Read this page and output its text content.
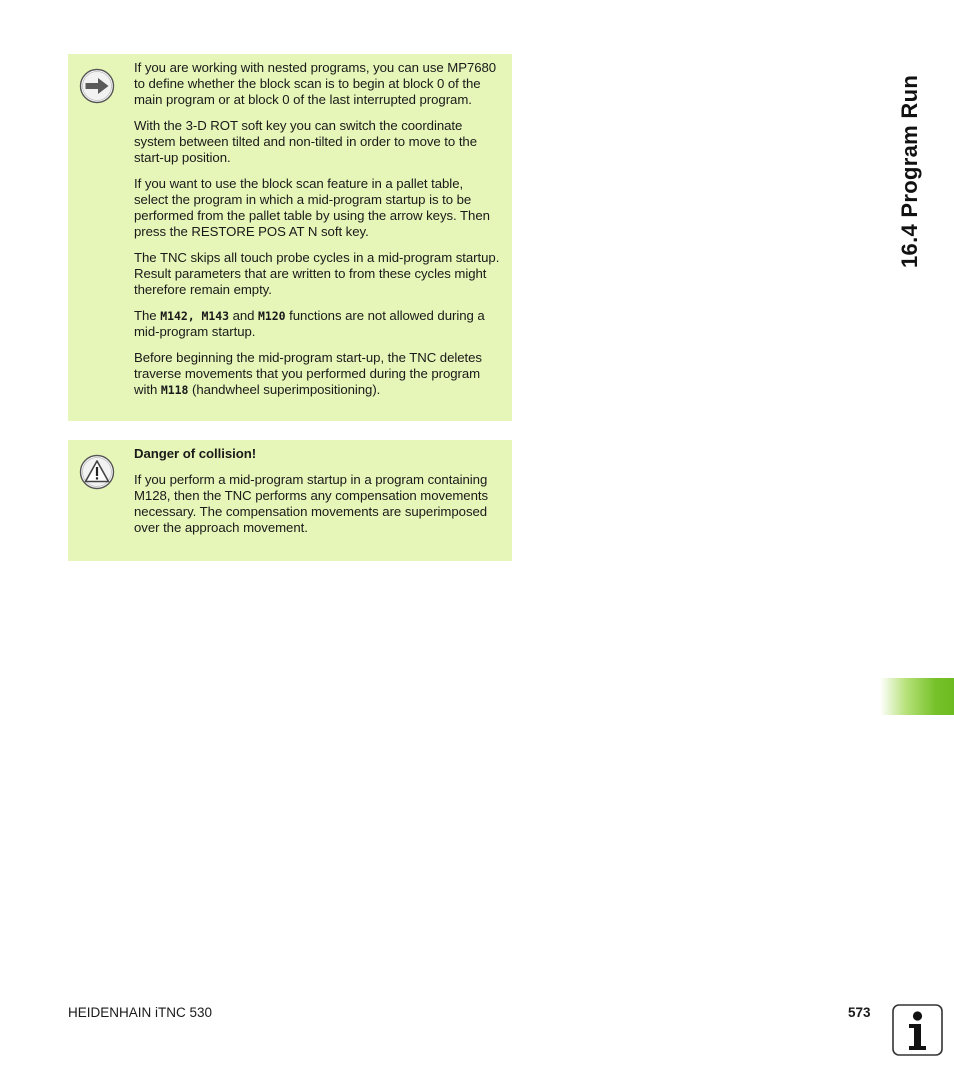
16.4 Program Run

If you are working with nested programs, you can use MP7680 to define whether the block scan is to begin at block 0 of the main program or at block 0 of the last interrupted program.

With the 3-D ROT soft key you can switch the coordinate system between tilted and non-tilted in order to move to the start-up position.

If you want to use the block scan feature in a pallet table, select the program in which a mid-program startup is to be performed from the pallet table by using the arrow keys. Then press the RESTORE POS AT N soft key.

The TNC skips all touch probe cycles in a mid-program startup. Result parameters that are written to from these cycles might therefore remain empty.

The M142, M143 and M120 functions are not allowed during a mid-program startup.

Before beginning the mid-program start-up, the TNC deletes traverse movements that you performed during the program with M118 (handwheel superimpositioning).

Danger of collision!

If you perform a mid-program startup in a program containing M128, then the TNC performs any compensation movements necessary. The compensation movements are superimposed over the approach movement.

HEIDENHAIN iTNC 530	573
